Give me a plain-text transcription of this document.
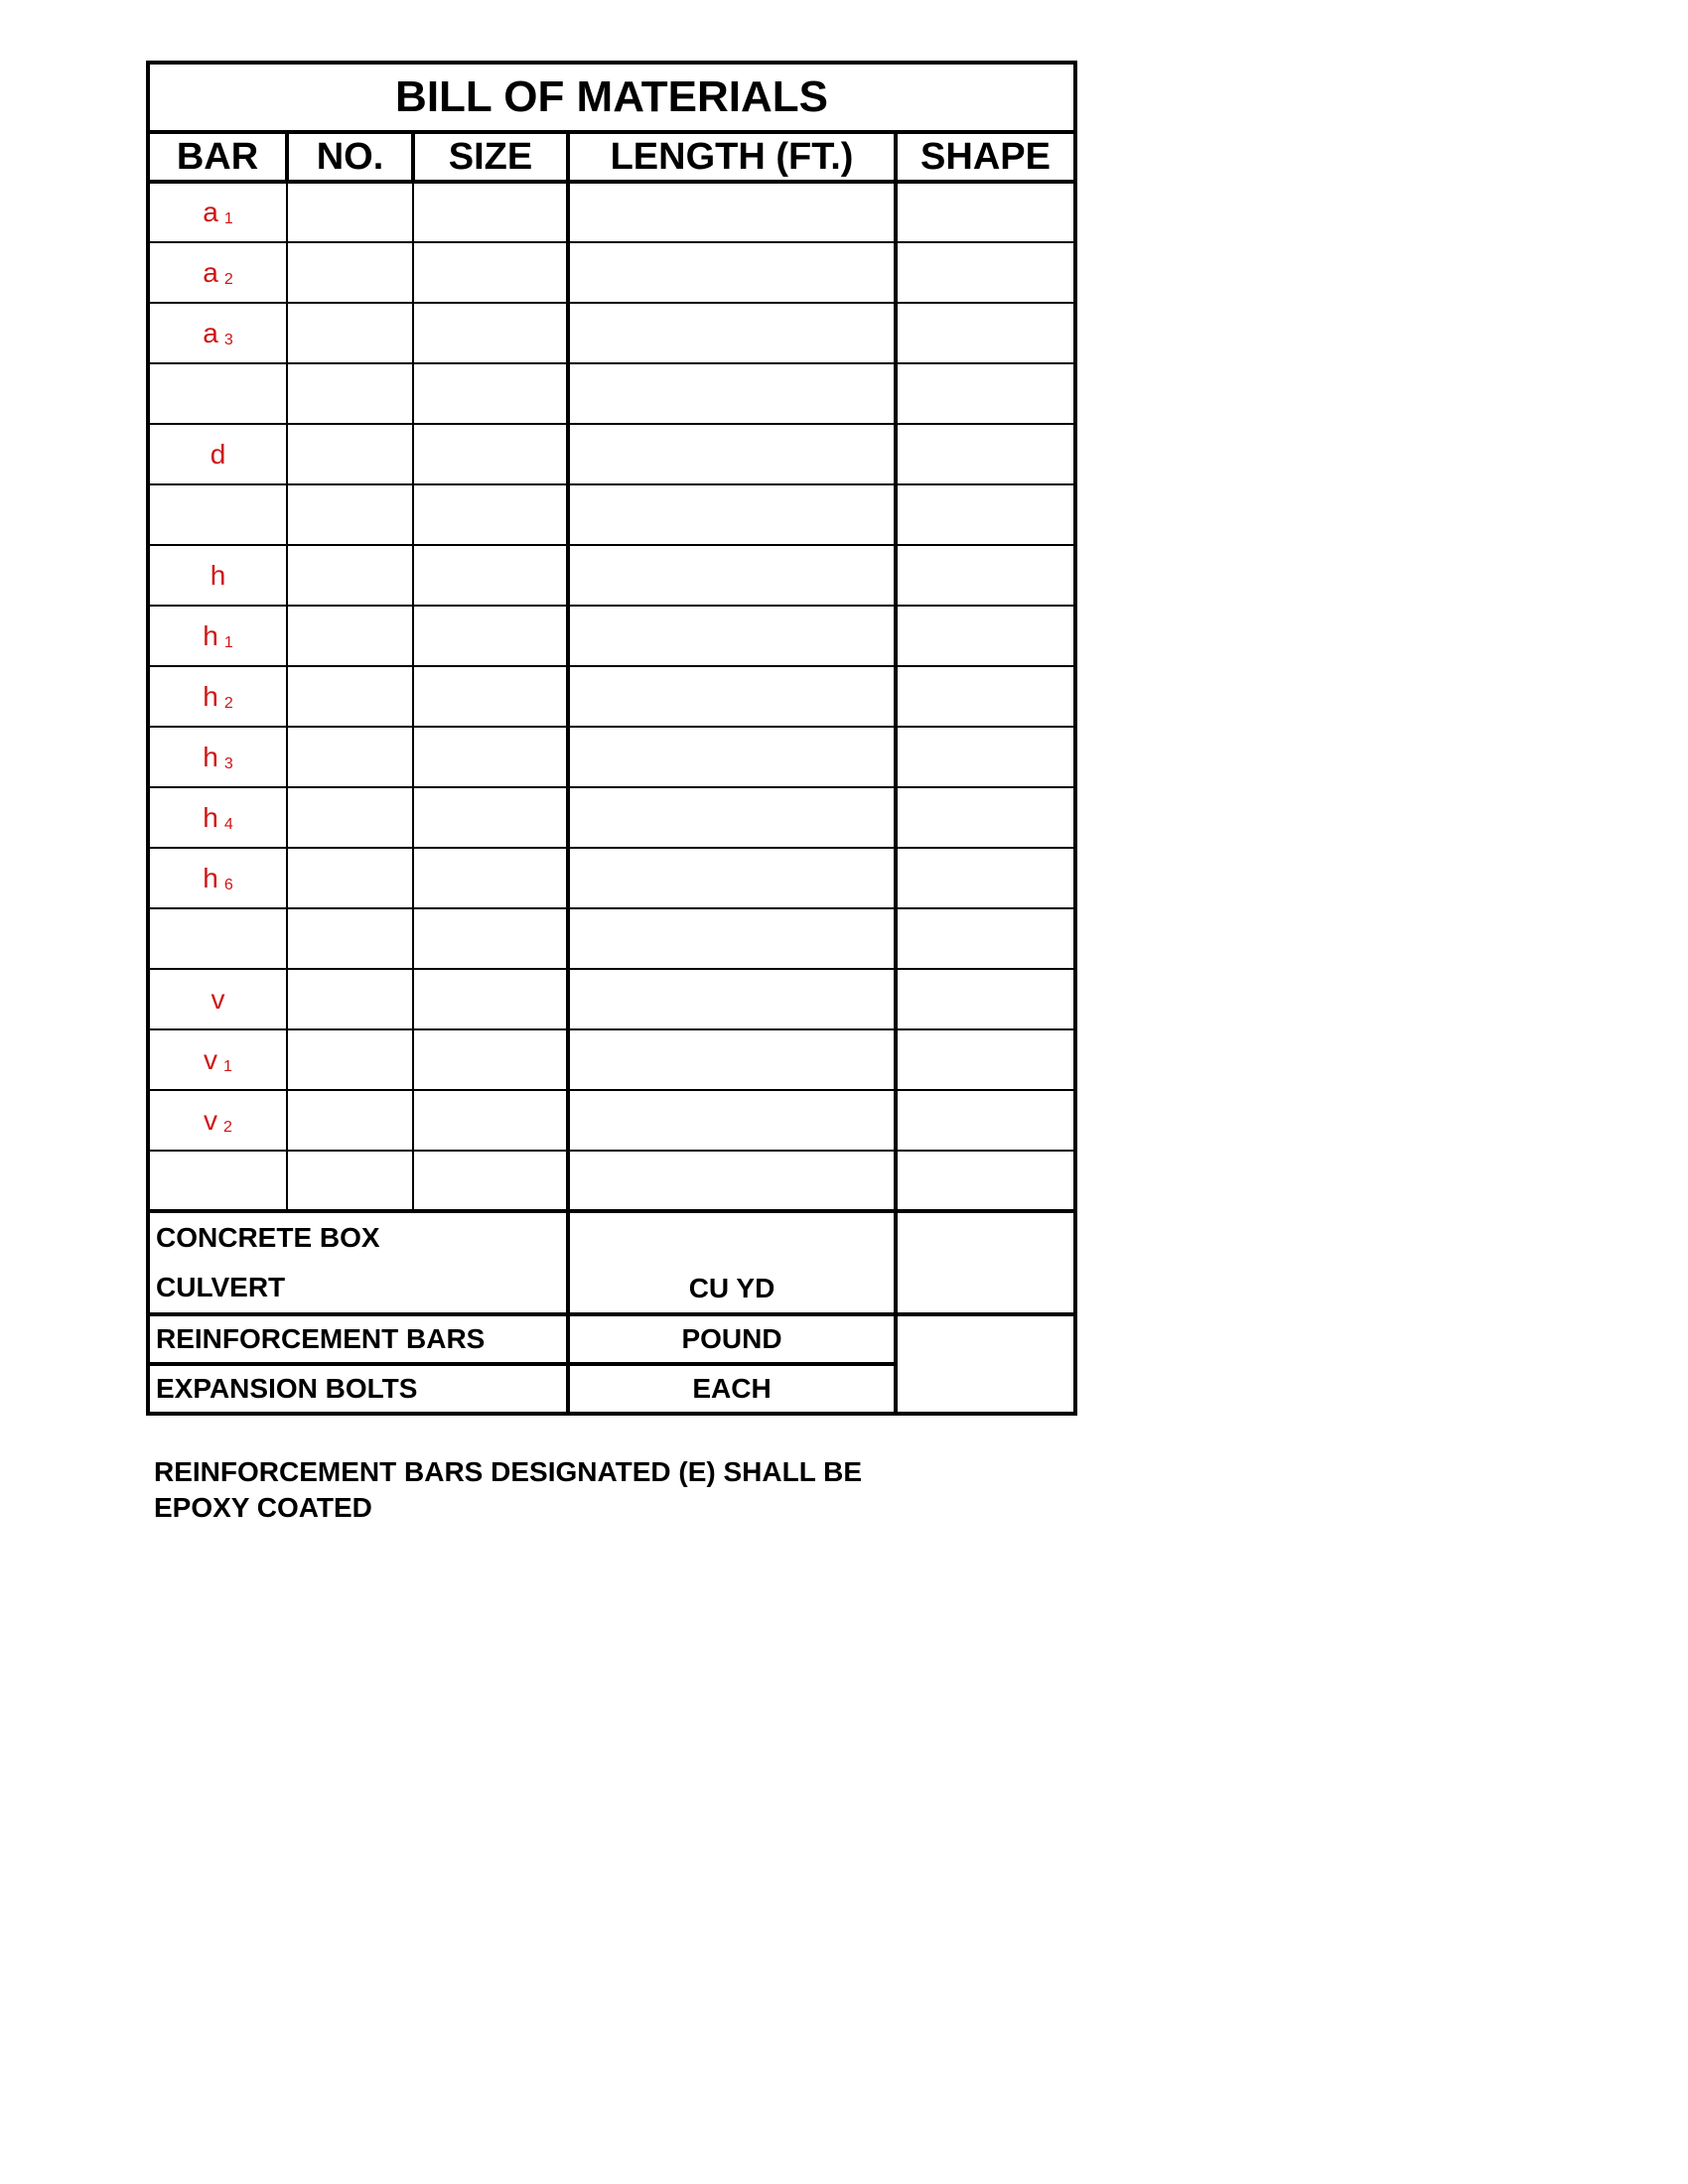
BILL OF MATERIALS				
BAR	NO.	SIZE	LENGTH (FT.)	SHAPE
a $_1$				
a $_2$				
a $_3$				

d				

h				
h $_1$				
h $_2$				
h $_3$				
h $_4$				
h $_6$				

v				
v $_1$				
v $_2$				

CONCRETE BOX
CULVERT			CU YD	
REINFORCEMENT BARS			POUND	
EXPANSION BOLTS			EACH	
REINFORCEMENT BARS DESIGNATED (E) SHALL BE
EPOXY COATED
